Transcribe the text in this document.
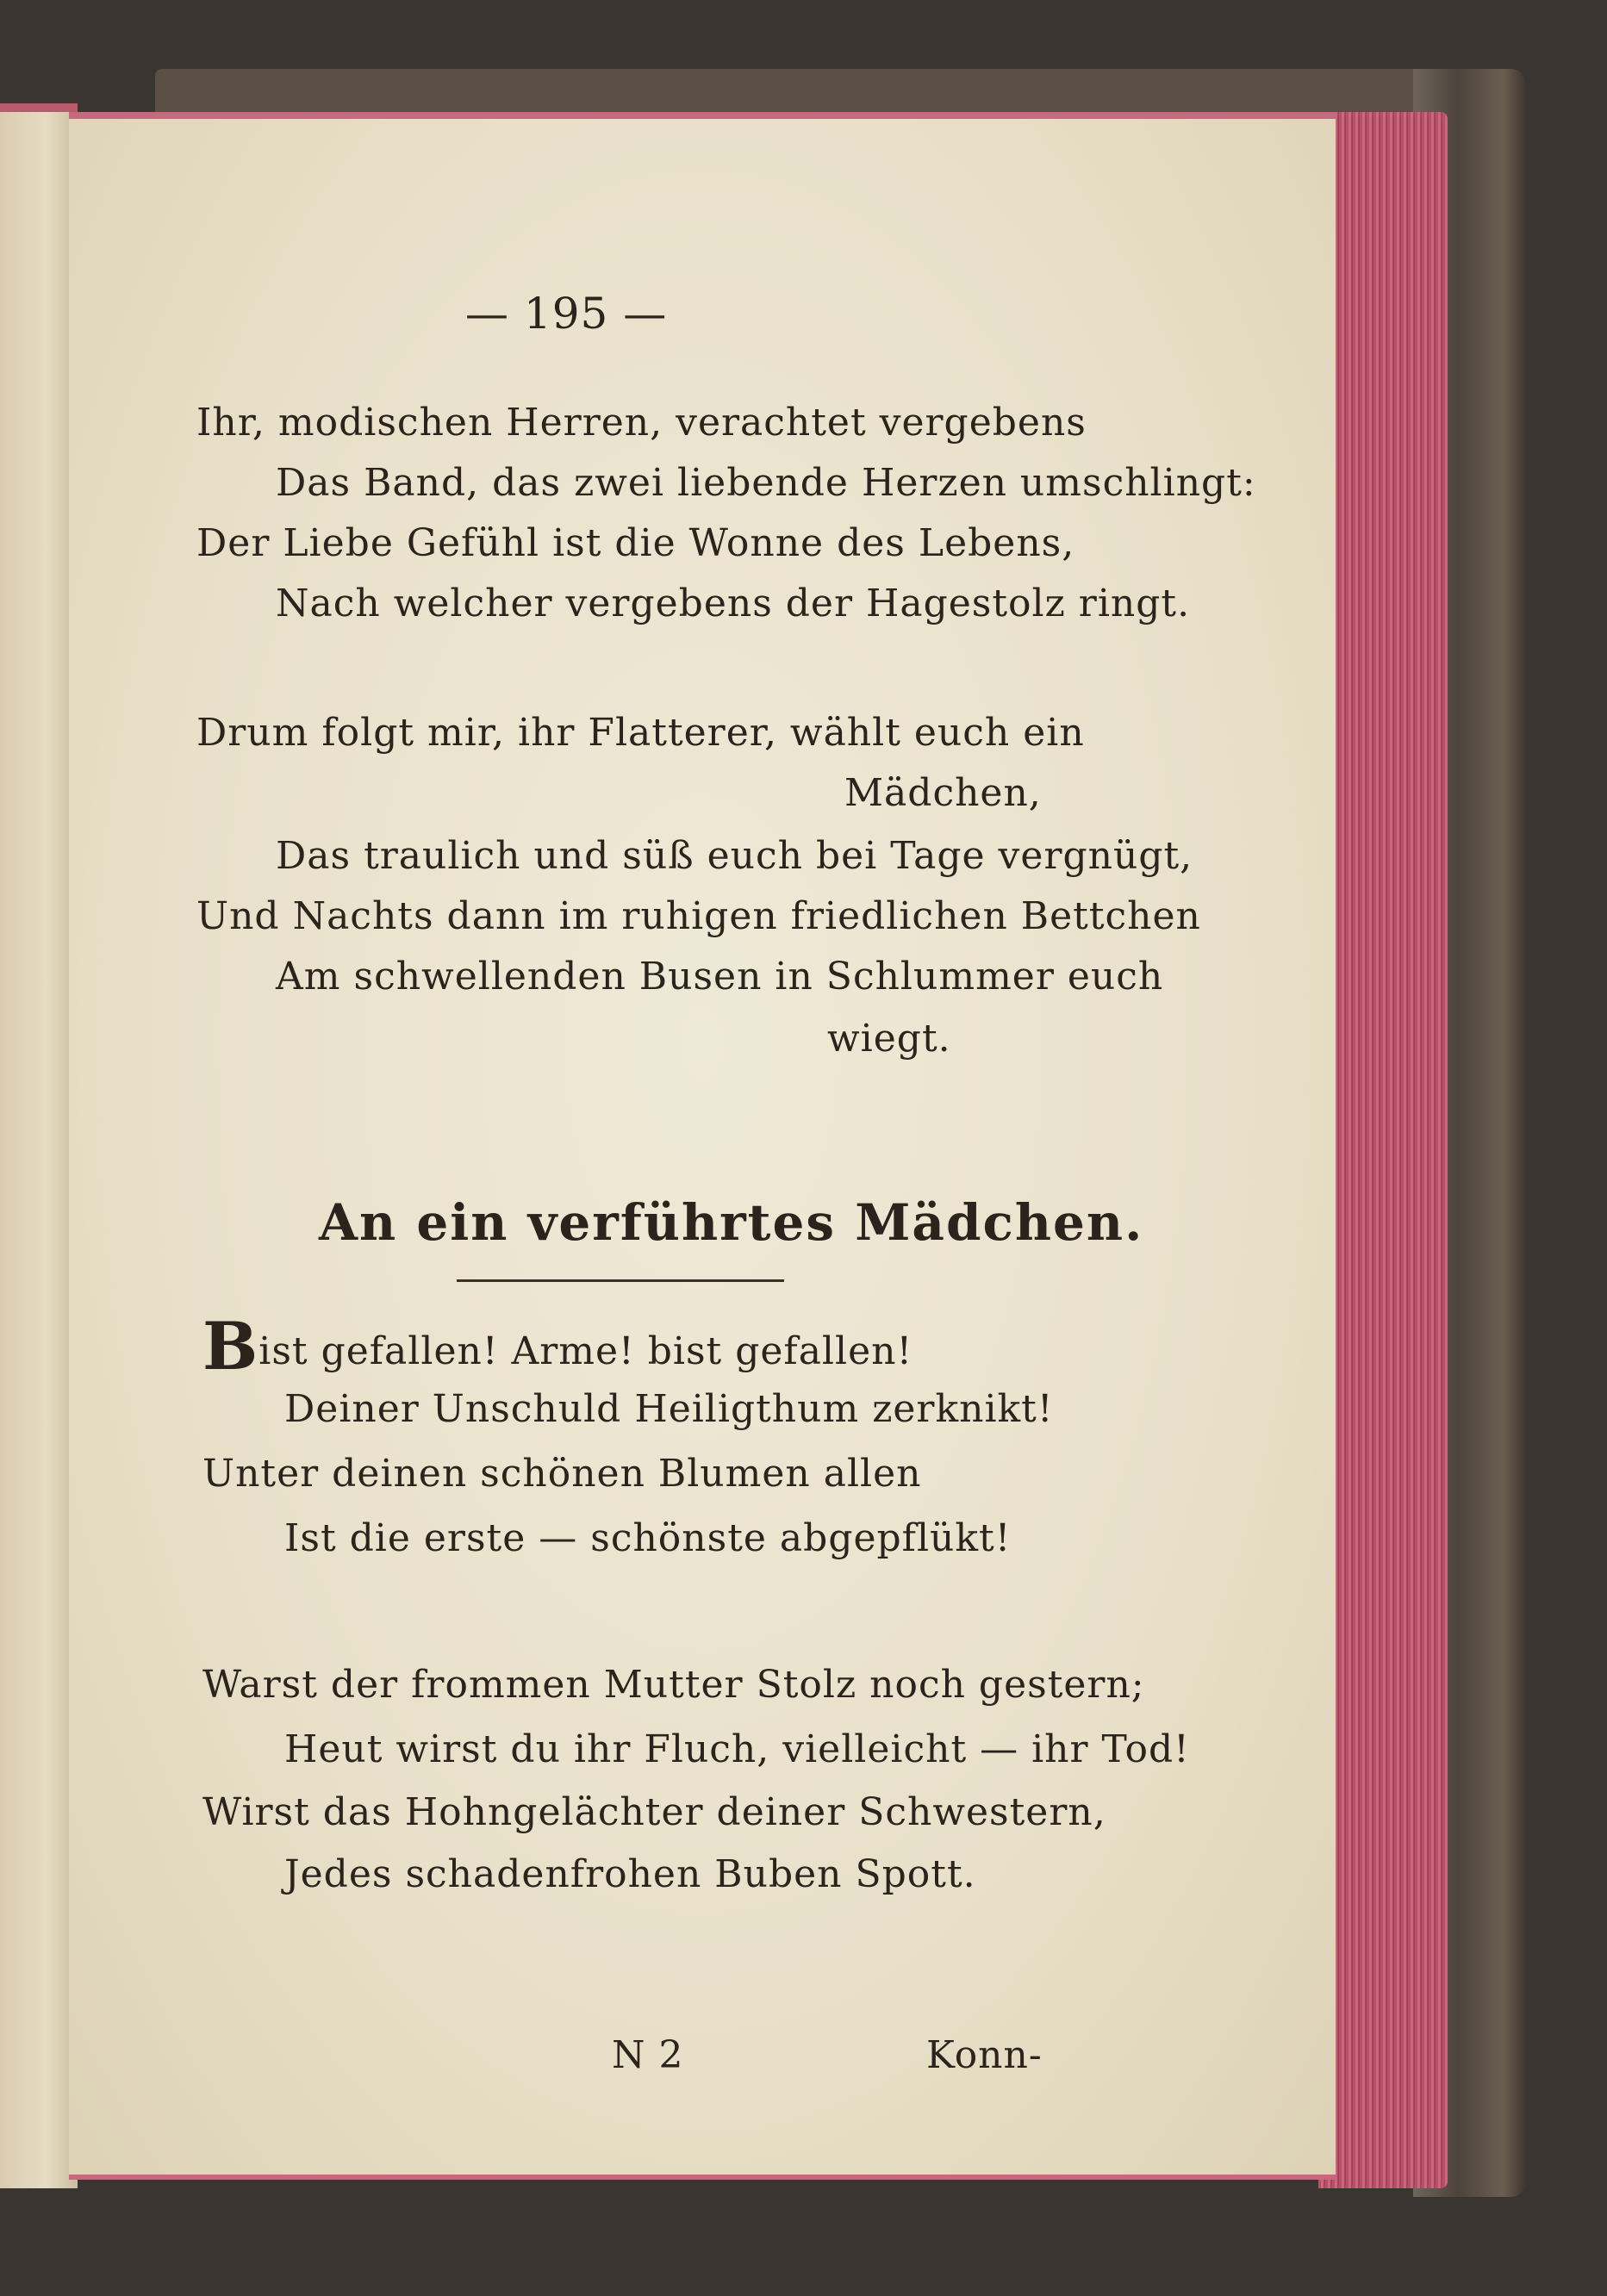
— 195 —

Ihr, modischen Herren, verachtet vergebens

Das Band, das zwei liebende Herzen umschlingt:

Der Liebe Gefühl ist die Wonne des Lebens,

Nach welcher vergebens der Hagestolz ringt.

Drum folgt mir, ihr Flatterer, wählt euch ein

Mädchen,

Das traulich und süß euch bei Tage vergnügt,

Und Nachts dann im ruhigen friedlichen Bettchen

Am schwellenden Busen in Schlummer euch

wiegt.

An ein verführtes Mädchen.

Bist gefallen! Arme! bist gefallen!

Deiner Unschuld Heiligthum zerknikt!

Unter deinen schönen Blumen allen

Ist die erste — schönste abgepflükt!

Warst der frommen Mutter Stolz noch gestern;

Heut wirst du ihr Fluch, vielleicht — ihr Tod!

Wirst das Hohngelächter deiner Schwestern,

Jedes schadenfrohen Buben Spott.

N 2	Konn-
